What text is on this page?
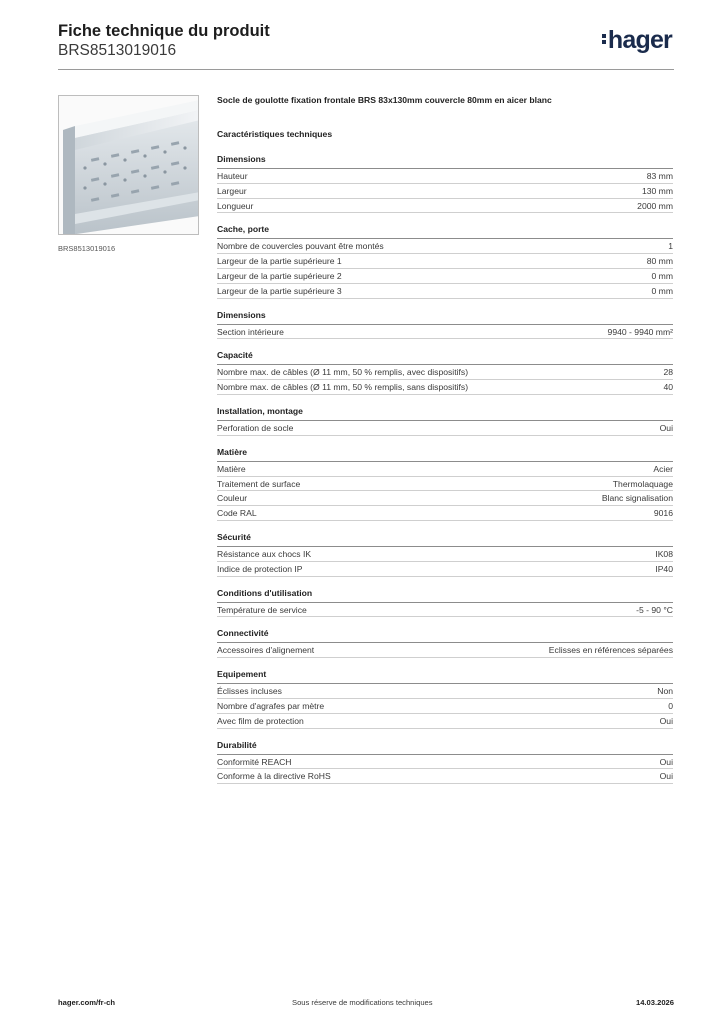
Fiche technique du produit
BRS8513019016	hager
BRS8513019016
Socle de goulotte fixation frontale BRS 83x130mm couvercle 80mm en aicer blanc
Caractéristiques techniques
Dimensions
Hauteur	83 mm
Largeur	130 mm
Longueur	2000 mm
Cache, porte
Nombre de couvercles pouvant être montés	1
Largeur de la partie supérieure 1	80 mm
Largeur de la partie supérieure 2	0 mm
Largeur de la partie supérieure 3	0 mm
Dimensions
Section intérieure	9940 - 9940 mm²
Capacité
Nombre max. de câbles (Ø 11 mm, 50 % remplis, avec dispositifs)	28
Nombre max. de câbles (Ø 11 mm, 50 % remplis, sans dispositifs)	40
Installation, montage
Perforation de socle	Oui
Matière
Matière	Acier
Traitement de surface	Thermolaquage
Couleur	Blanc signalisation
Code RAL	9016
Sécurité
Résistance aux chocs IK	IK08
Indice de protection IP	IP40
Conditions d'utilisation
Température de service	-5 - 90 °C
Connectivité
Accessoires d'alignement	Eclisses en références séparées
Equipement
Éclisses incluses	Non
Nombre d'agrafes par mètre	0
Avec film de protection	Oui
Durabilité
Conformité REACH	Oui
Conforme à la directive RoHS	Oui
hager.com/fr-ch	Sous réserve de modifications techniques	14.03.2026
